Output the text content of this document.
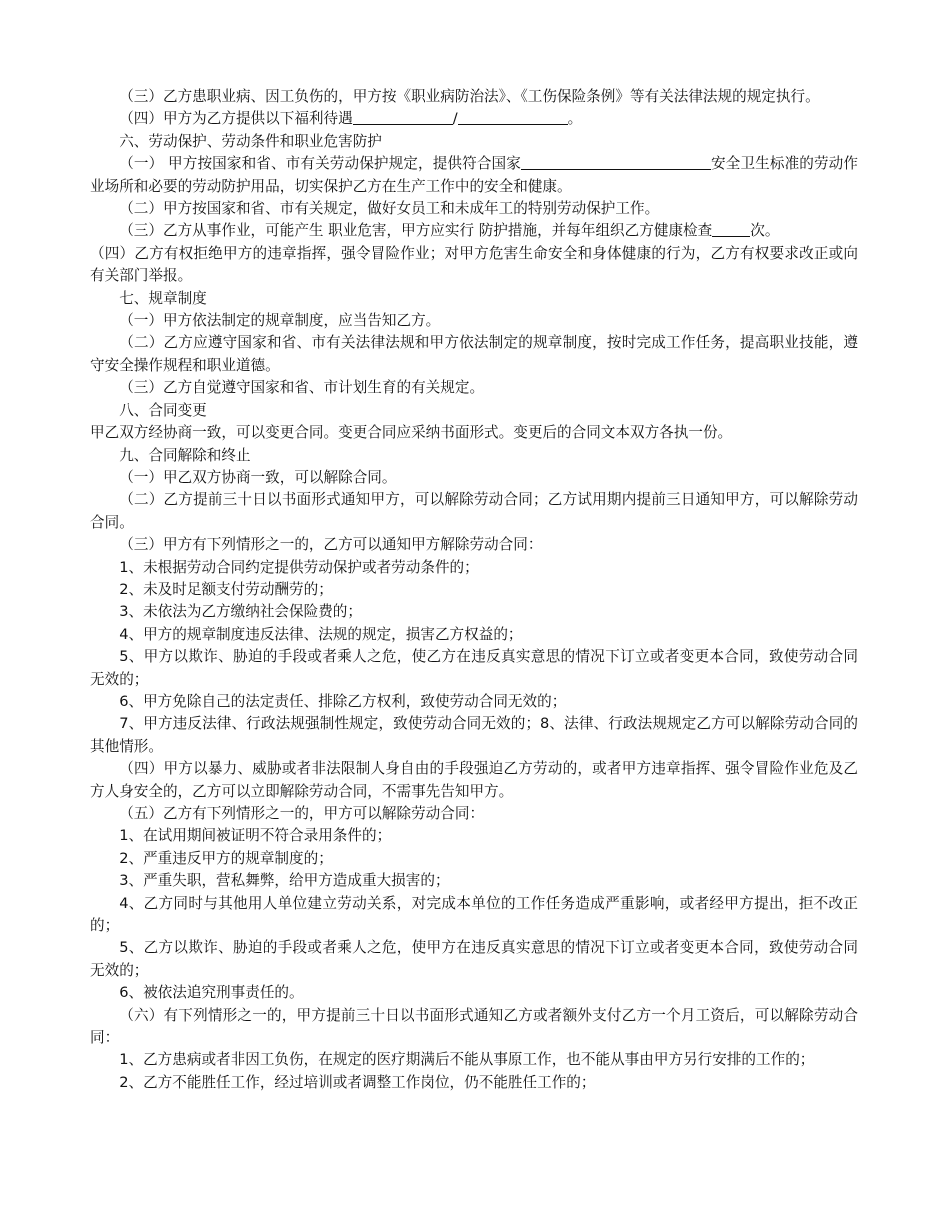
（三）乙方患职业病、因工负伤的，甲方按《职业病防治法》、《工伤保险条例》等有关法律法规的规定执行。

（四）甲方为乙方提供以下福利待遇	/	。

六、劳动保护、劳动条件和职业危害防护

（一） 甲方按国家和省、市有关劳动保护规定，提供符合国家	安全卫生标准的劳动作业场所和必要的劳动防护用品，切实保护乙方在生产工作中的安全和健康。

（二）甲方按国家和省、市有关规定，做好女员工和未成年工的特别劳动保护工作。

（三）乙方从事作业，可能产生 职业危害，甲方应实行 防护措施，并每年组织乙方健康检查	次。

（四）乙方有权拒绝甲方的违章指挥，强令冒险作业；对甲方危害生命安全和身体健康的行为，乙方有权要求改正或向有关部门举报。

七、规章制度

（一）甲方依法制定的规章制度，应当告知乙方。

（二）乙方应遵守国家和省、市有关法律法规和甲方依法制定的规章制度，按时完成工作任务，提高职业技能，遵守安全操作规程和职业道德。

（三）乙方自觉遵守国家和省、市计划生育的有关规定。

八、合同变更

甲乙双方经协商一致，可以变更合同。变更合同应采纳书面形式。变更后的合同文本双方各执一份。

九、合同解除和终止

（一）甲乙双方协商一致，可以解除合同。

（二）乙方提前三十日以书面形式通知甲方，可以解除劳动合同；乙方试用期内提前三日通知甲方，可以解除劳动合同。

（三）甲方有下列情形之一的，乙方可以通知甲方解除劳动合同：

1、未根据劳动合同约定提供劳动保护或者劳动条件的；

2、未及时足额支付劳动酬劳的；

3、未依法为乙方缴纳社会保险费的；

4、甲方的规章制度违反法律、法规的规定，损害乙方权益的；

5、甲方以欺诈、胁迫的手段或者乘人之危，使乙方在违反真实意思的情况下订立或者变更本合同，致使劳动合同无效的；

6、甲方免除自己的法定责任、排除乙方权利，致使劳动合同无效的；

7、甲方违反法律、行政法规强制性规定，致使劳动合同无效的；8、法律、行政法规规定乙方可以解除劳动合同的其他情形。

（四）甲方以暴力、威胁或者非法限制人身自由的手段强迫乙方劳动的，或者甲方违章指挥、强令冒险作业危及乙方人身安全的，乙方可以立即解除劳动合同，不需事先告知甲方。

（五）乙方有下列情形之一的，甲方可以解除劳动合同：

1、在试用期间被证明不符合录用条件的；

2、严重违反甲方的规章制度的；

3、严重失职，营私舞弊，给甲方造成重大损害的；

4、乙方同时与其他用人单位建立劳动关系，对完成本单位的工作任务造成严重影响，或者经甲方提出，拒不改正的；

5、乙方以欺诈、胁迫的手段或者乘人之危，使甲方在违反真实意思的情况下订立或者变更本合同，致使劳动合同无效的；

6、被依法追究刑事责任的。

（六）有下列情形之一的，甲方提前三十日以书面形式通知乙方或者额外支付乙方一个月工资后，可以解除劳动合同：

1、乙方患病或者非因工负伤，在规定的医疗期满后不能从事原工作，也不能从事由甲方另行安排的工作的；

2、乙方不能胜任工作，经过培训或者调整工作岗位，仍不能胜任工作的；
